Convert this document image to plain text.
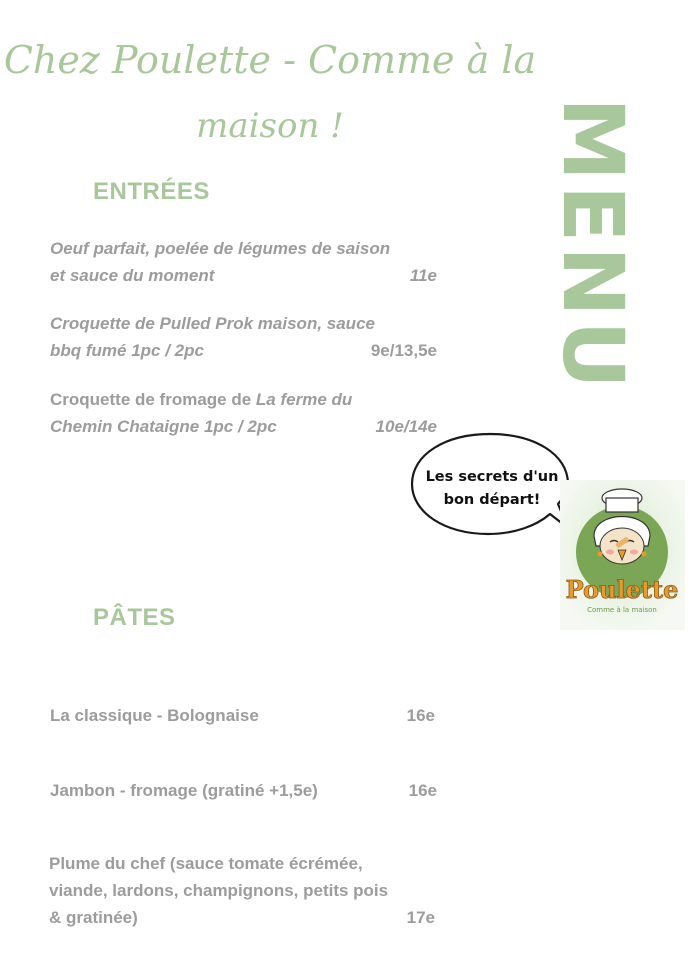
Chez Poulette - Comme à la
maison !	MENU
ENTRÉES
Oeuf parfait, poelée de légumes de saison
et sauce du moment	11e
Croquette de Pulled Prok maison, sauce
bbq fumé 1pc / 2pc	9e/13,5e
Croquette de fromage de La ferme du
Chemin Chataigne 1pc / 2pc	10e/14e
Les secrets d'un
bon départ!
Poulette
Comme à la maison
PÂTES
La classique - Bolognaise	16e
Jambon - fromage (gratiné +1,5e)	16e
Plume du chef (sauce tomate écrémée,
viande, lardons, champignons, petits pois
& gratinée)	17e
